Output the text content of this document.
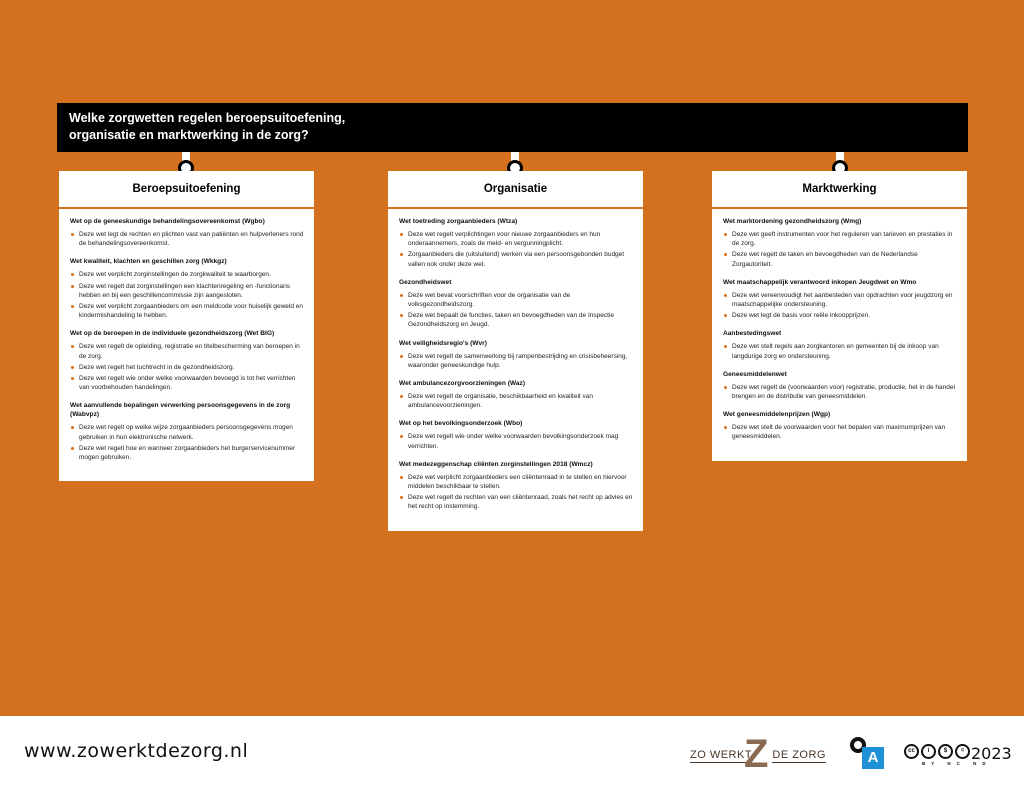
Welke zorgwetten regelen beroepsuitoefening, organisatie en marktwerking in de zorg?
Beroepsuitoefening
Wet op de geneeskundige behandelingsovereenkomst (Wgbo)
Deze wet legt de rechten en plichten vast van patiënten en hulpverleners rond de behandelingsovereenkomst.
Wet kwaliteit, klachten en geschillen zorg (Wkkgz)
Deze wet verplicht zorginstellingen de zorgkwaliteit te waarborgen.
Deze wet regelt dat zorginstellingen een klachtenregeling en -functionaris hebben en bij een geschillencommissie zijn aangesloten.
Deze wet verplicht zorgaanbieders om een meldcode voor huiselijk geweld en kindermishandeling te hebben.
Wet op de beroepen in de individuele gezondheidszorg (Wet BIG)
Deze wet regelt de opleiding, registratie en titelbescherming van beroepen in de zorg.
Deze wet regelt het tuchtrecht in de gezondheidszorg.
Deze wet regelt wie onder welke voorwaarden bevoegd is tot het verrichten van voorbehouden handelingen.
Wet aanvullende bepalingen verwerking persoonsgegevens in de zorg (Wabvpz)
Deze wet regelt op welke wijze zorgaanbieders persoonsgegevens mogen gebruiken in hun elektronische netwerk.
Deze wet regelt hoe en wanneer zorgaanbieders het burgerservicenummer mogen gebruiken.
Organisatie
Wet toetreding zorgaanbieders (Wtza)
Deze wet regelt verplichtingen voor nieuwe zorgaanbieders en hun onderaannemers, zoals de meld- en vergunningplicht.
Zorgaanbieders die (uitsluitend) werken via een persoonsgebonden budget vallen ook onder deze wet.
Gezondheidswet
Deze wet bevat voorschriften voor de organisatie van de volksgezondheidszorg.
Deze wet bepaalt de functies, taken en bevoegdheden van de Inspectie Gezondheidszorg en Jeugd.
Wet veiligheidsregio's (Wvr)
Deze wet regelt de samenwerking bij rampenbestrijding en crisisbeheersing, waaronder geneeskundige hulp.
Wet ambulancezorgvoorzieningen (Waz)
Deze wet regelt de organisatie, beschikbaarheid en kwaliteit van ambulancevoorzieningen.
Wet op het bevolkingsonderzoek (Wbo)
Deze wet regelt wie onder welke voorwaarden bevolkingsonderzoek mag verrichten.
Wet medezeggenschap cliënten zorginstellingen 2018 (Wmcz)
Deze wet verplicht zorgaanbieders een cliëntenraad in te stellen en hiervoor middelen beschikbaar te stellen.
Deze wet regelt de rechten van een cliëntenraad, zoals het recht op advies en het recht op instemming.
Marktwerking
Wet marktordening gezondheidszorg (Wmg)
Deze wet geeft instrumenten voor het reguleren van tarieven en prestaties in de zorg.
Deze wet regelt de taken en bevoegdheden van de Nederlandse Zorgautoriteit.
Wet maatschappelijk verantwoord inkopen Jeugdwet en Wmo
Deze wet vereenvoudigt het aanbesteden van opdrachten voor jeugdzorg en maatschappelijke ondersteuning.
Deze wet legt de basis voor reële inkoopprijzen.
Aanbestedingswet
Deze wet stelt regels aan zorgkantoren en gemeenten bij de inkoop van langdurige zorg en ondersteuning.
Geneesmiddelenwet
Deze wet regelt de (voorwaarden voor) registratie, productie, het in de handel brengen en de distributie van geneesmiddelen.
Wet geneesmiddelenprijzen (Wgp)
Deze wet stelt de voorwaarden voor het bepalen van maximumprijzen van geneesmiddelen.
www.zowerktdezorg.nl	ZO WERKT
Z DE ZORG	A	cc	i	$	=
BY NC ND
2023
